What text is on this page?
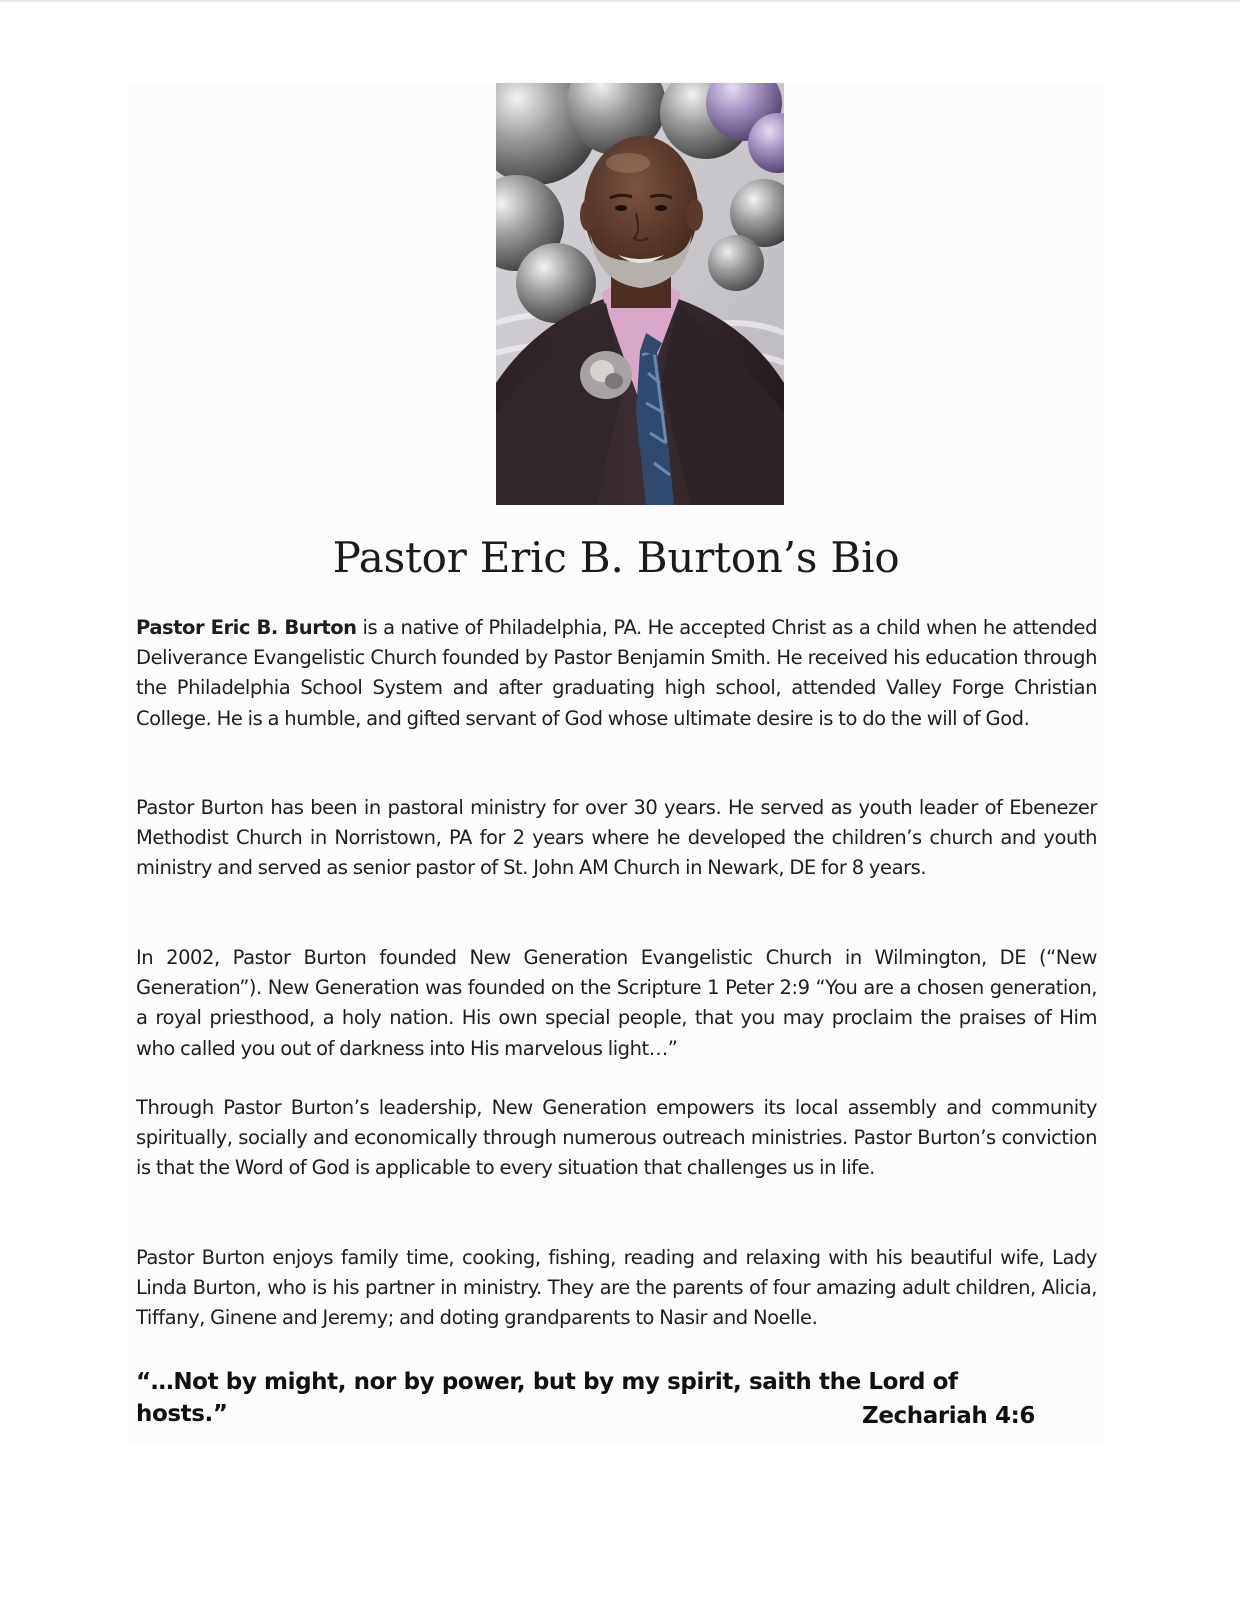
Pastor Eric B. Burton’s Bio
Pastor Eric B. Burton is a native of Philadelphia, PA. He accepted Christ as a child when he attended Deliverance Evangelistic Church founded by Pastor Benjamin Smith. He received his education through the Philadelphia School System and after graduating high school, attended Valley Forge Christian College. He is a humble, and gifted servant of God whose ultimate desire is to do the will of God.
Pastor Burton has been in pastoral ministry for over 30 years. He served as youth leader of Ebenezer Methodist Church in Norristown, PA for 2 years where he developed the children’s church and youth ministry and served as senior pastor of St. John AM Church in Newark, DE for 8 years.
In 2002, Pastor Burton founded New Generation Evangelistic Church in Wilmington, DE (“New Generation”). New Generation was founded on the Scripture 1 Peter 2:9 “You are a chosen generation, a royal priesthood, a holy nation. His own special people, that you may proclaim the praises of Him who called you out of darkness into His marvelous light…”
Through Pastor Burton’s leadership, New Generation empowers its local assembly and community spiritually, socially and economically through numerous outreach ministries. Pastor Burton’s conviction is that the Word of God is applicable to every situation that challenges us in life.
Pastor Burton enjoys family time, cooking, fishing, reading and relaxing with his beautiful wife, Lady Linda Burton, who is his partner in ministry. They are the parents of four amazing adult children, Alicia, Tiffany, Ginene and Jeremy; and doting grandparents to Nasir and Noelle.
“…Not by might, nor by power, but by my spirit, saith the Lord of hosts.”	Zechariah 4:6
